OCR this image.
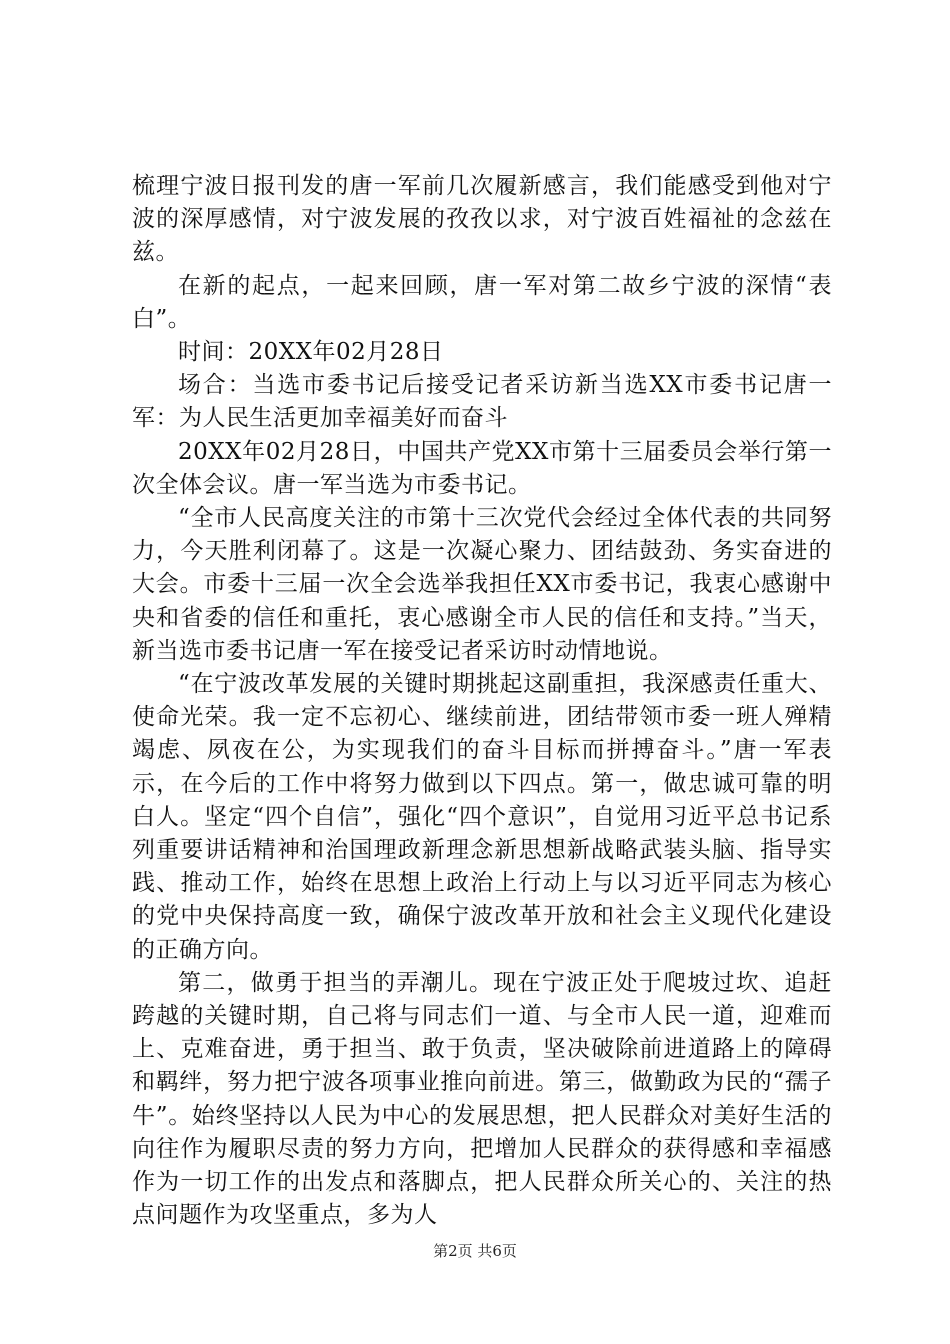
梳理宁波日报刊发的唐一军前几次履新感言，我们能感受到他对宁波的深厚感情，对宁波发展的孜孜以求，对宁波百姓福祉的念兹在兹。

在新的起点，一起来回顾，唐一军对第二故乡宁波的深情“表白”。

时间：20XX年02月28日

场合：当选市委书记后接受记者采访新当选XX市委书记唐一军：为人民生活更加幸福美好而奋斗

20XX年02月28日，中国共产党XX市第十三届委员会举行第一次全体会议。唐一军当选为市委书记。

“全市人民高度关注的市第十三次党代会经过全体代表的共同努力，今天胜利闭幕了。这是一次凝心聚力、团结鼓劲、务实奋进的大会。市委十三届一次全会选举我担任XX市委书记，我衷心感谢中央和省委的信任和重托，衷心感谢全市人民的信任和支持。”当天，新当选市委书记唐一军在接受记者采访时动情地说。

“在宁波改革发展的关键时期挑起这副重担，我深感责任重大、使命光荣。我一定不忘初心、继续前进，团结带领市委一班人殚精竭虑、夙夜在公，为实现我们的奋斗目标而拼搏奋斗。”唐一军表示，在今后的工作中将努力做到以下四点。第一，做忠诚可靠的明白人。坚定“四个自信”，强化“四个意识”，自觉用习近平总书记系列重要讲话精神和治国理政新理念新思想新战略武装头脑、指导实践、推动工作，始终在思想上政治上行动上与以习近平同志为核心的党中央保持高度一致，确保宁波改革开放和社会主义现代化建设的正确方向。

第二，做勇于担当的弄潮儿。现在宁波正处于爬坡过坎、追赶跨越的关键时期，自己将与同志们一道、与全市人民一道，迎难而上、克难奋进，勇于担当、敢于负责，坚决破除前进道路上的障碍和羁绊，努力把宁波各项事业推向前进。第三，做勤政为民的“孺子牛”。始终坚持以人民为中心的发展思想，把人民群众对美好生活的向往作为履职尽责的努力方向，把增加人民群众的获得感和幸福感作为一切工作的出发点和落脚点，把人民群众所关心的、关注的热点问题作为攻坚重点，多为人

第2页 共6页
